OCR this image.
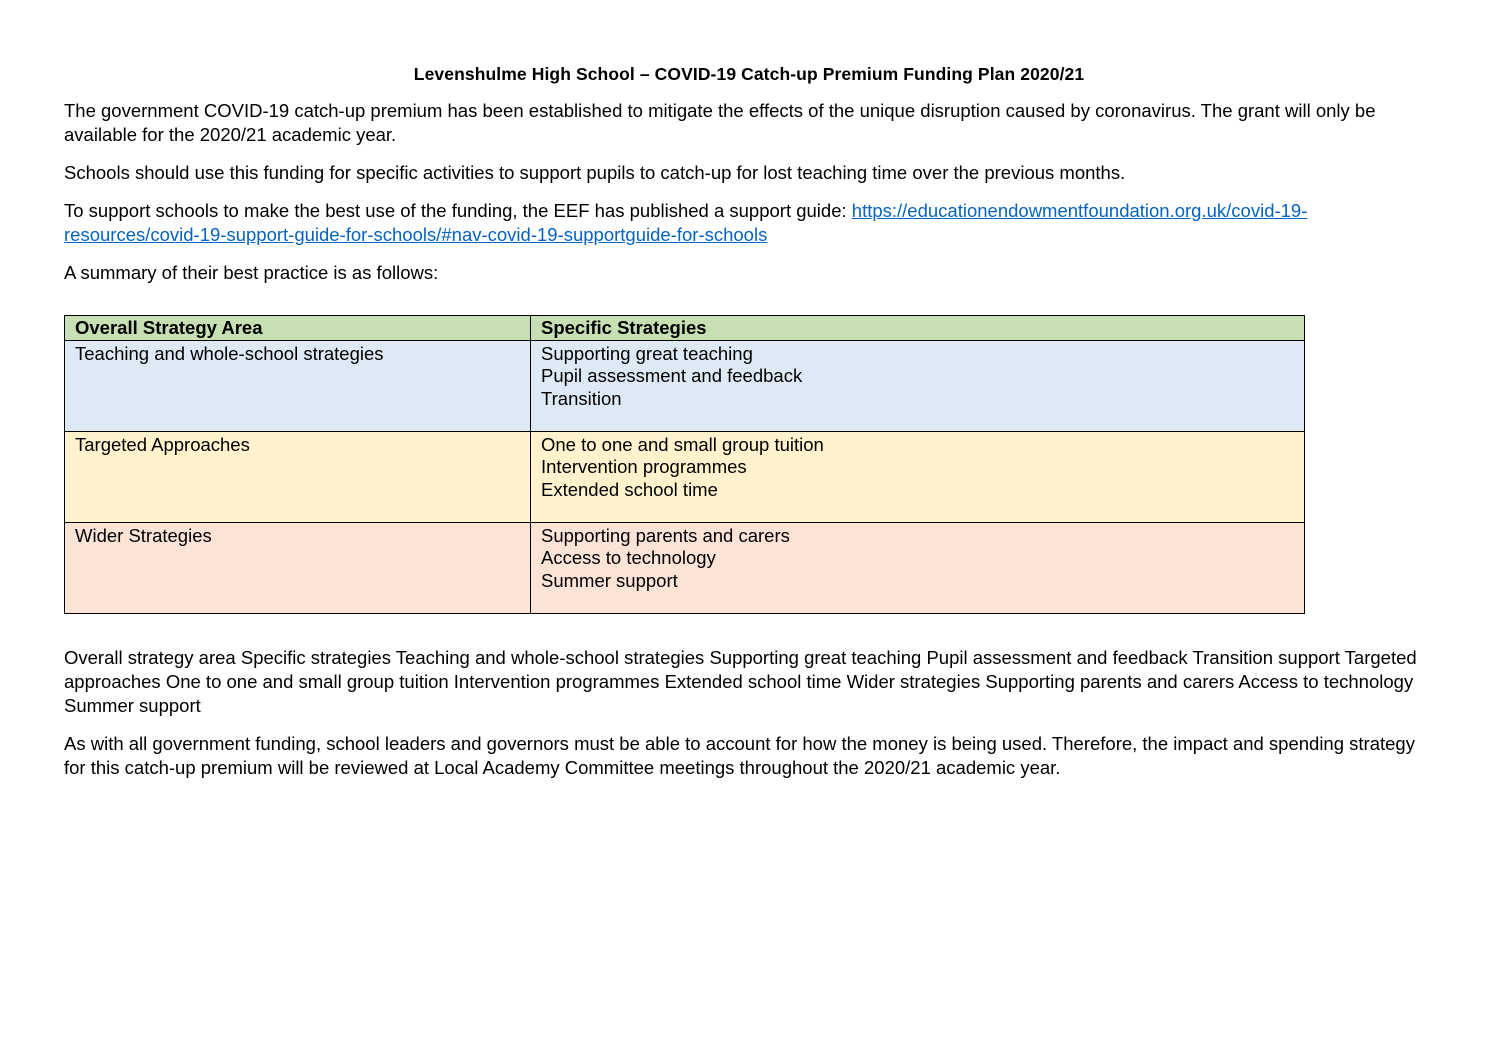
Levenshulme High School – COVID-19 Catch-up Premium Funding Plan 2020/21

The government COVID-19 catch-up premium has been established to mitigate the effects of the unique disruption caused by coronavirus. The grant will only be available for the 2020/21 academic year.

Schools should use this funding for specific activities to support pupils to catch-up for lost teaching time over the previous months.

To support schools to make the best use of the funding, the EEF has published a support guide: https://educationendowmentfoundation.org.uk/covid-19-resources/covid-19-support-guide-for-schools/#nav-covid-19-supportguide-for-schools

A summary of their best practice is as follows:

Overall Strategy Area	Specific Strategies
Teaching and whole-school strategies	Supporting great teaching
Pupil assessment and feedback
Transition

Targeted Approaches	One to one and small group tuition
Intervention programmes
Extended school time

Wider Strategies	Supporting parents and carers
Access to technology
Summer support

Overall strategy area Specific strategies Teaching and whole-school strategies Supporting great teaching Pupil assessment and feedback Transition support Targeted approaches One to one and small group tuition Intervention programmes Extended school time Wider strategies Supporting parents and carers Access to technology Summer support

As with all government funding, school leaders and governors must be able to account for how the money is being used. Therefore, the impact and spending strategy for this catch-up premium will be reviewed at Local Academy Committee meetings throughout the 2020/21 academic year.
